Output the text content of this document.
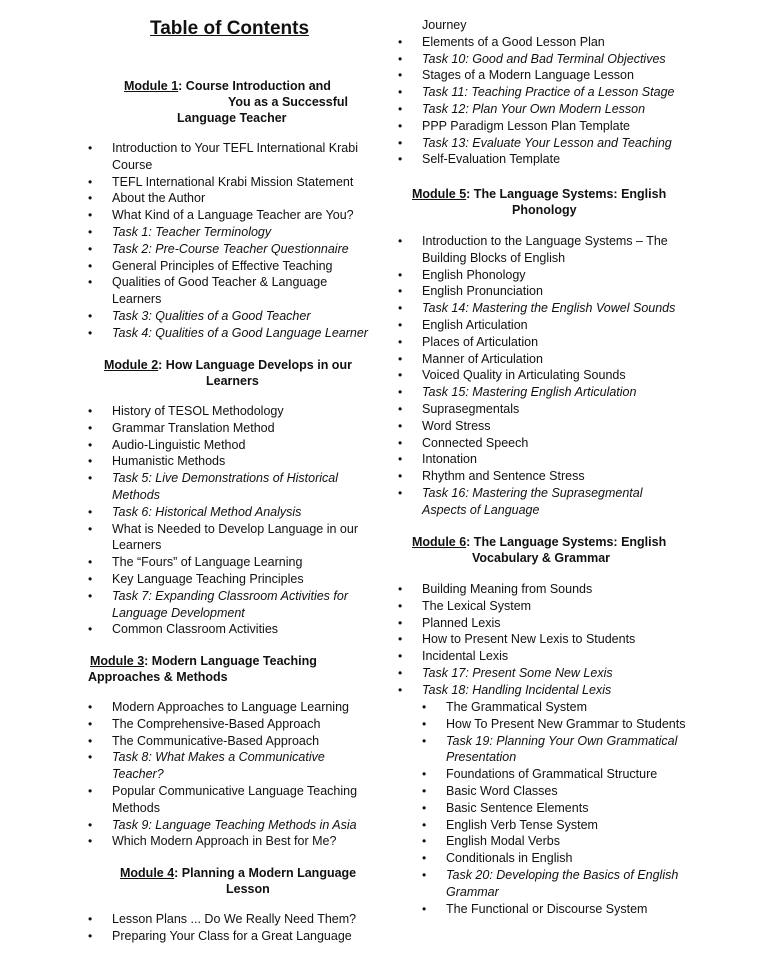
Table of Contents
Module 1: Course Introduction and
You as a Successful
Language Teacher
• Introduction to Your TEFL International Krabi
Course
• TEFL International Krabi Mission Statement
• About the Author
• What Kind of a Language Teacher are You?
• Task 1: Teacher Terminology
• Task 2: Pre-Course Teacher Questionnaire
• General Principles of Effective Teaching
• Qualities of Good Teacher & Language
Learners
• Task 3: Qualities of a Good Teacher
• Task 4: Qualities of a Good Language Learner
Module 2: How Language Develops in our
Learners
• History of TESOL Methodology
• Grammar Translation Method
• Audio-Linguistic Method
• Humanistic Methods
• Task 5: Live Demonstrations of Historical
Methods
• Task 6: Historical Method Analysis
• What is Needed to Develop Language in our
Learners
• The “Fours” of Language Learning
• Key Language Teaching Principles
• Task 7: Expanding Classroom Activities for
Language Development
• Common Classroom Activities
Module 3: Modern Language Teaching
Approaches & Methods
• Modern Approaches to Language Learning
• The Comprehensive-Based Approach
• The Communicative-Based Approach
• Task 8: What Makes a Communicative
Teacher?
• Popular Communicative Language Teaching
Methods
• Task 9: Language Teaching Methods in Asia
• Which Modern Approach in Best for Me?
Module 4: Planning a Modern Language
Lesson
• Lesson Plans ... Do We Really Need Them?
• Preparing Your Class for a Great Language
Journey
• Elements of a Good Lesson Plan
• Task 10: Good and Bad Terminal Objectives
• Stages of a Modern Language Lesson
• Task 11: Teaching Practice of a Lesson Stage
• Task 12: Plan Your Own Modern Lesson
• PPP Paradigm Lesson Plan Template
• Task 13: Evaluate Your Lesson and Teaching
• Self-Evaluation Template
Module 5: The Language Systems: English
Phonology
• Introduction to the Language Systems – The
Building Blocks of English
• English Phonology
• English Pronunciation
• Task 14: Mastering the English Vowel Sounds
• English Articulation
• Places of Articulation
• Manner of Articulation
• Voiced Quality in Articulating Sounds
• Task 15: Mastering English Articulation
• Suprasegmentals
• Word Stress
• Connected Speech
• Intonation
• Rhythm and Sentence Stress
• Task 16: Mastering the Suprasegmental
Aspects of Language
Module 6: The Language Systems: English
Vocabulary & Grammar
• Building Meaning from Sounds
• The Lexical System
• Planned Lexis
• How to Present New Lexis to Students
• Incidental Lexis
• Task 17: Present Some New Lexis
• Task 18: Handling Incidental Lexis
• The Grammatical System
• How To Present New Grammar to Students
• Task 19: Planning Your Own Grammatical
Presentation
• Foundations of Grammatical Structure
• Basic Word Classes
• Basic Sentence Elements
• English Verb Tense System
• English Modal Verbs
• Conditionals in English
• Task 20: Developing the Basics of English
Grammar
• The Functional or Discourse System
